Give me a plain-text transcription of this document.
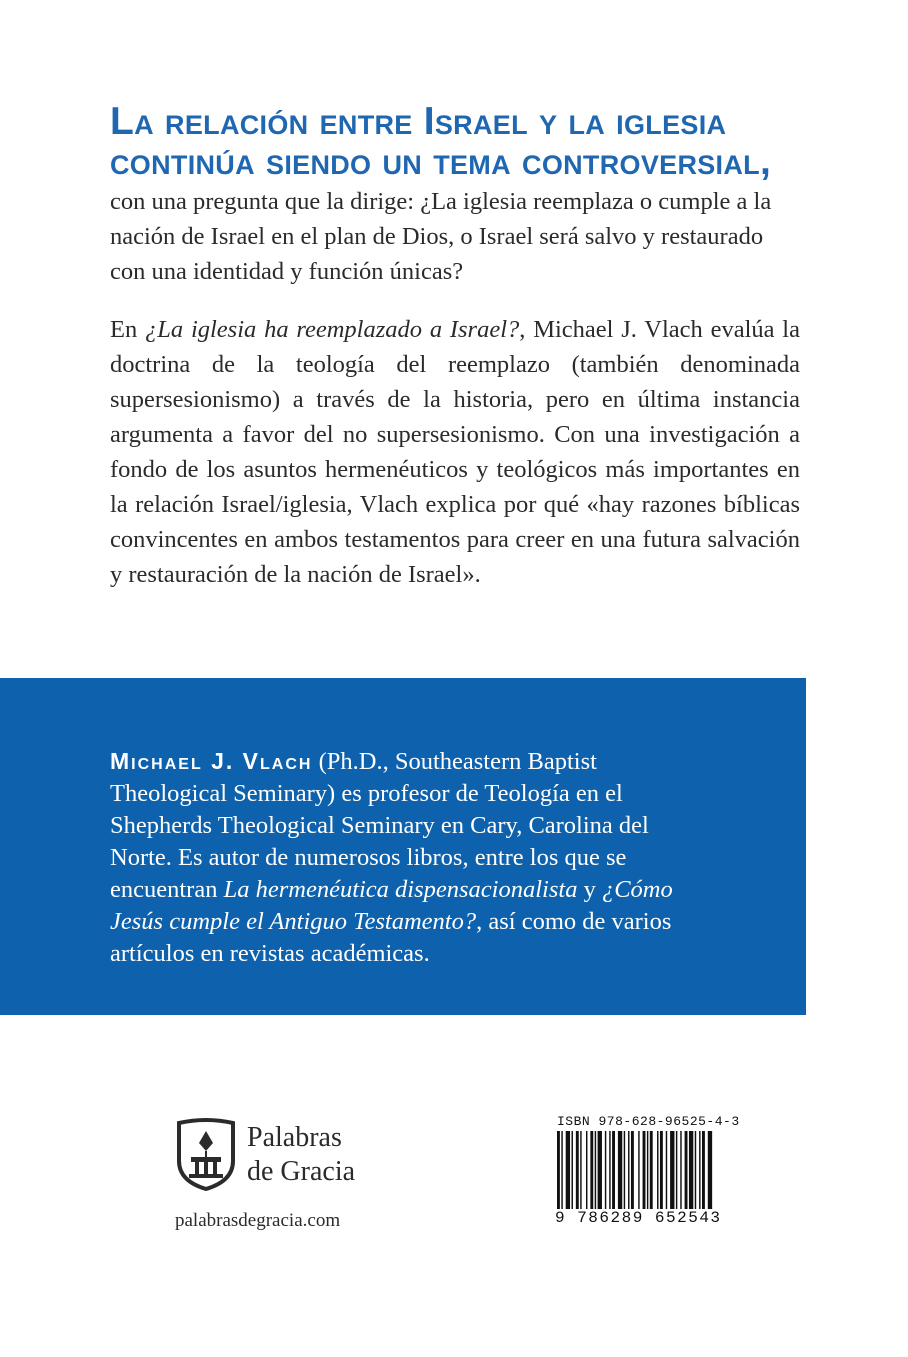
La relación entre Israel y la iglesia continúa siendo un tema controversial, con una pregunta que la dirige: ¿La iglesia reemplaza o cumple a la nación de Israel en el plan de Dios, o Israel será salvo y restaurado con una identidad y función únicas?

En ¿La iglesia ha reemplazado a Israel?, Michael J. Vlach evalúa la doctrina de la teología del reemplazo (también denominada supersesionismo) a través de la historia, pero en última instancia argumenta a favor del no supersesionismo. Con una investigación a fondo de los asuntos hermenéuticos y teológicos más importantes en la relación Israel/iglesia, Vlach explica por qué «hay razones bíblicas convincentes en ambos testamentos para creer en una futura salvación y restauración de la nación de Israel».

Michael J. Vlach (Ph.D., Southeastern Baptist Theological Seminary) es profesor de Teología en el Shepherds Theological Seminary en Cary, Carolina del Norte. Es autor de numerosos libros, entre los que se encuentran La hermenéutica dispensacionalista y ¿Cómo Jesús cumple el Antiguo Testamento?, así como de varios artículos en revistas académicas.
Palabras
de Gracia
palabrasdegracia.com
ISBN 978-628-96525-4-3
9 786289 652543
